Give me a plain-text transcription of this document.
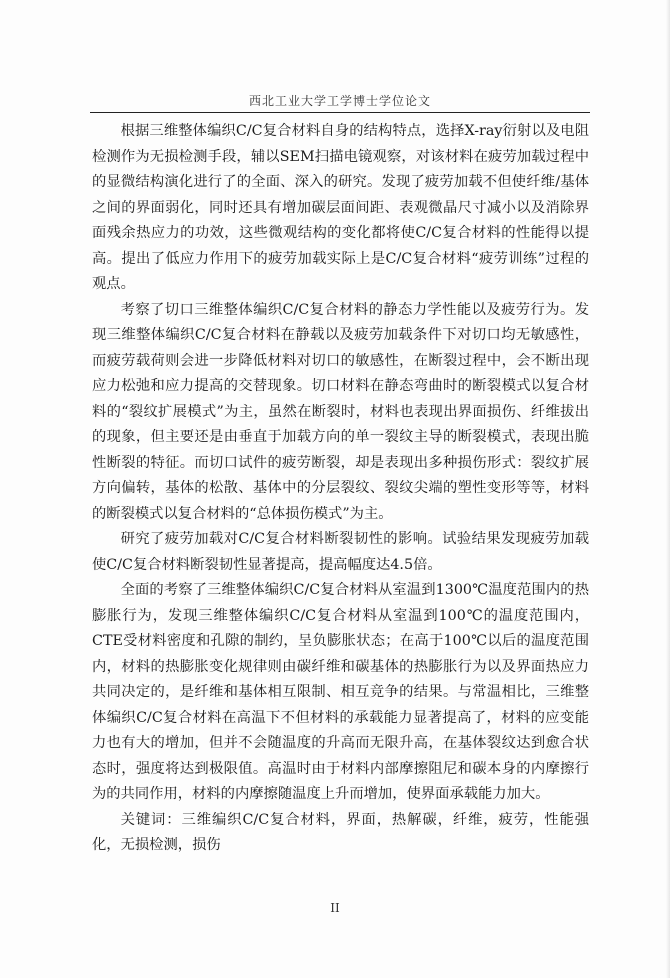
西北工业大学工学博士学位论文

根据三维整体编织C/C复合材料自身的结构特点，选择X-ray衍射以及电阻检测作为无损检测手段，辅以SEM扫描电镜观察，对该材料在疲劳加载过程中的显微结构演化进行了的全面、深入的研究。发现了疲劳加载不但使纤维/基体之间的界面弱化，同时还具有增加碳层面间距、表观微晶尺寸减小以及消除界面残余热应力的功效，这些微观结构的变化都将使C/C复合材料的性能得以提高。提出了低应力作用下的疲劳加载实际上是C/C复合材料“疲劳训练”过程的观点。

考察了切口三维整体编织C/C复合材料的静态力学性能以及疲劳行为。发现三维整体编织C/C复合材料在静载以及疲劳加载条件下对切口均无敏感性，而疲劳载荷则会进一步降低材料对切口的敏感性，在断裂过程中，会不断出现应力松弛和应力提高的交替现象。切口材料在静态弯曲时的断裂模式以复合材料的“裂纹扩展模式”为主，虽然在断裂时，材料也表现出界面损伤、纤维拔出的现象，但主要还是由垂直于加载方向的单一裂纹主导的断裂模式，表现出脆性断裂的特征。而切口试件的疲劳断裂，却是表现出多种损伤形式：裂纹扩展方向偏转，基体的松散、基体中的分层裂纹、裂纹尖端的塑性变形等等，材料的断裂模式以复合材料的“总体损伤模式”为主。

研究了疲劳加载对C/C复合材料断裂韧性的影响。试验结果发现疲劳加载使C/C复合材料断裂韧性显著提高，提高幅度达4.5倍。

全面的考察了三维整体编织C/C复合材料从室温到1300℃温度范围内的热膨胀行为，发现三维整体编织C/C复合材料从室温到100℃的温度范围内，CTE受材料密度和孔隙的制约，呈负膨胀状态；在高于100℃以后的温度范围内，材料的热膨胀变化规律则由碳纤维和碳基体的热膨胀行为以及界面热应力共同决定的，是纤维和基体相互限制、相互竞争的结果。与常温相比，三维整体编织C/C复合材料在高温下不但材料的承载能力显著提高了，材料的应变能力也有大的增加，但并不会随温度的升高而无限升高，在基体裂纹达到愈合状态时，强度将达到极限值。高温时由于材料内部摩擦阻尼和碳本身的内摩擦行为的共同作用，材料的内摩擦随温度上升而增加，使界面承载能力加大。

关键词：三维编织C/C复合材料，界面，热解碳，纤维，疲劳，性能强化，无损检测，损伤

II
